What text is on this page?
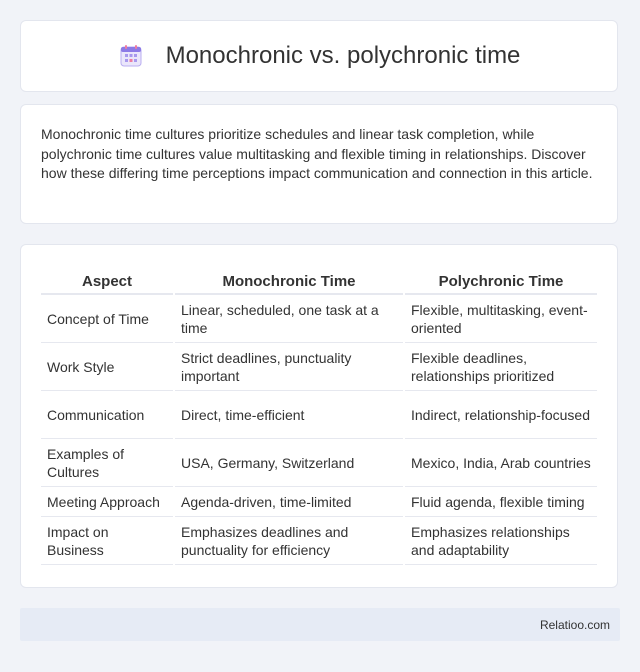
Monochronic vs. polychronic time

Monochronic time cultures prioritize schedules and linear task completion, while polychronic time cultures value multitasking and flexible timing in relationships. Discover how these differing time perceptions impact communication and connection in this article.

Aspect	Monochronic Time	Polychronic Time
Concept of Time	Linear, scheduled, one task at a time	Flexible, multitasking, event-oriented
Work Style	Strict deadlines, punctuality important	Flexible deadlines, relationships prioritized
Communication	Direct, time-efficient	Indirect, relationship-focused
Examples of Cultures	USA, Germany, Switzerland	Mexico, India, Arab countries
Meeting Approach	Agenda-driven, time-limited	Fluid agenda, flexible timing
Impact on Business	Emphasizes deadlines and punctuality for efficiency	Emphasizes relationships and adaptability
Relatioo.com
